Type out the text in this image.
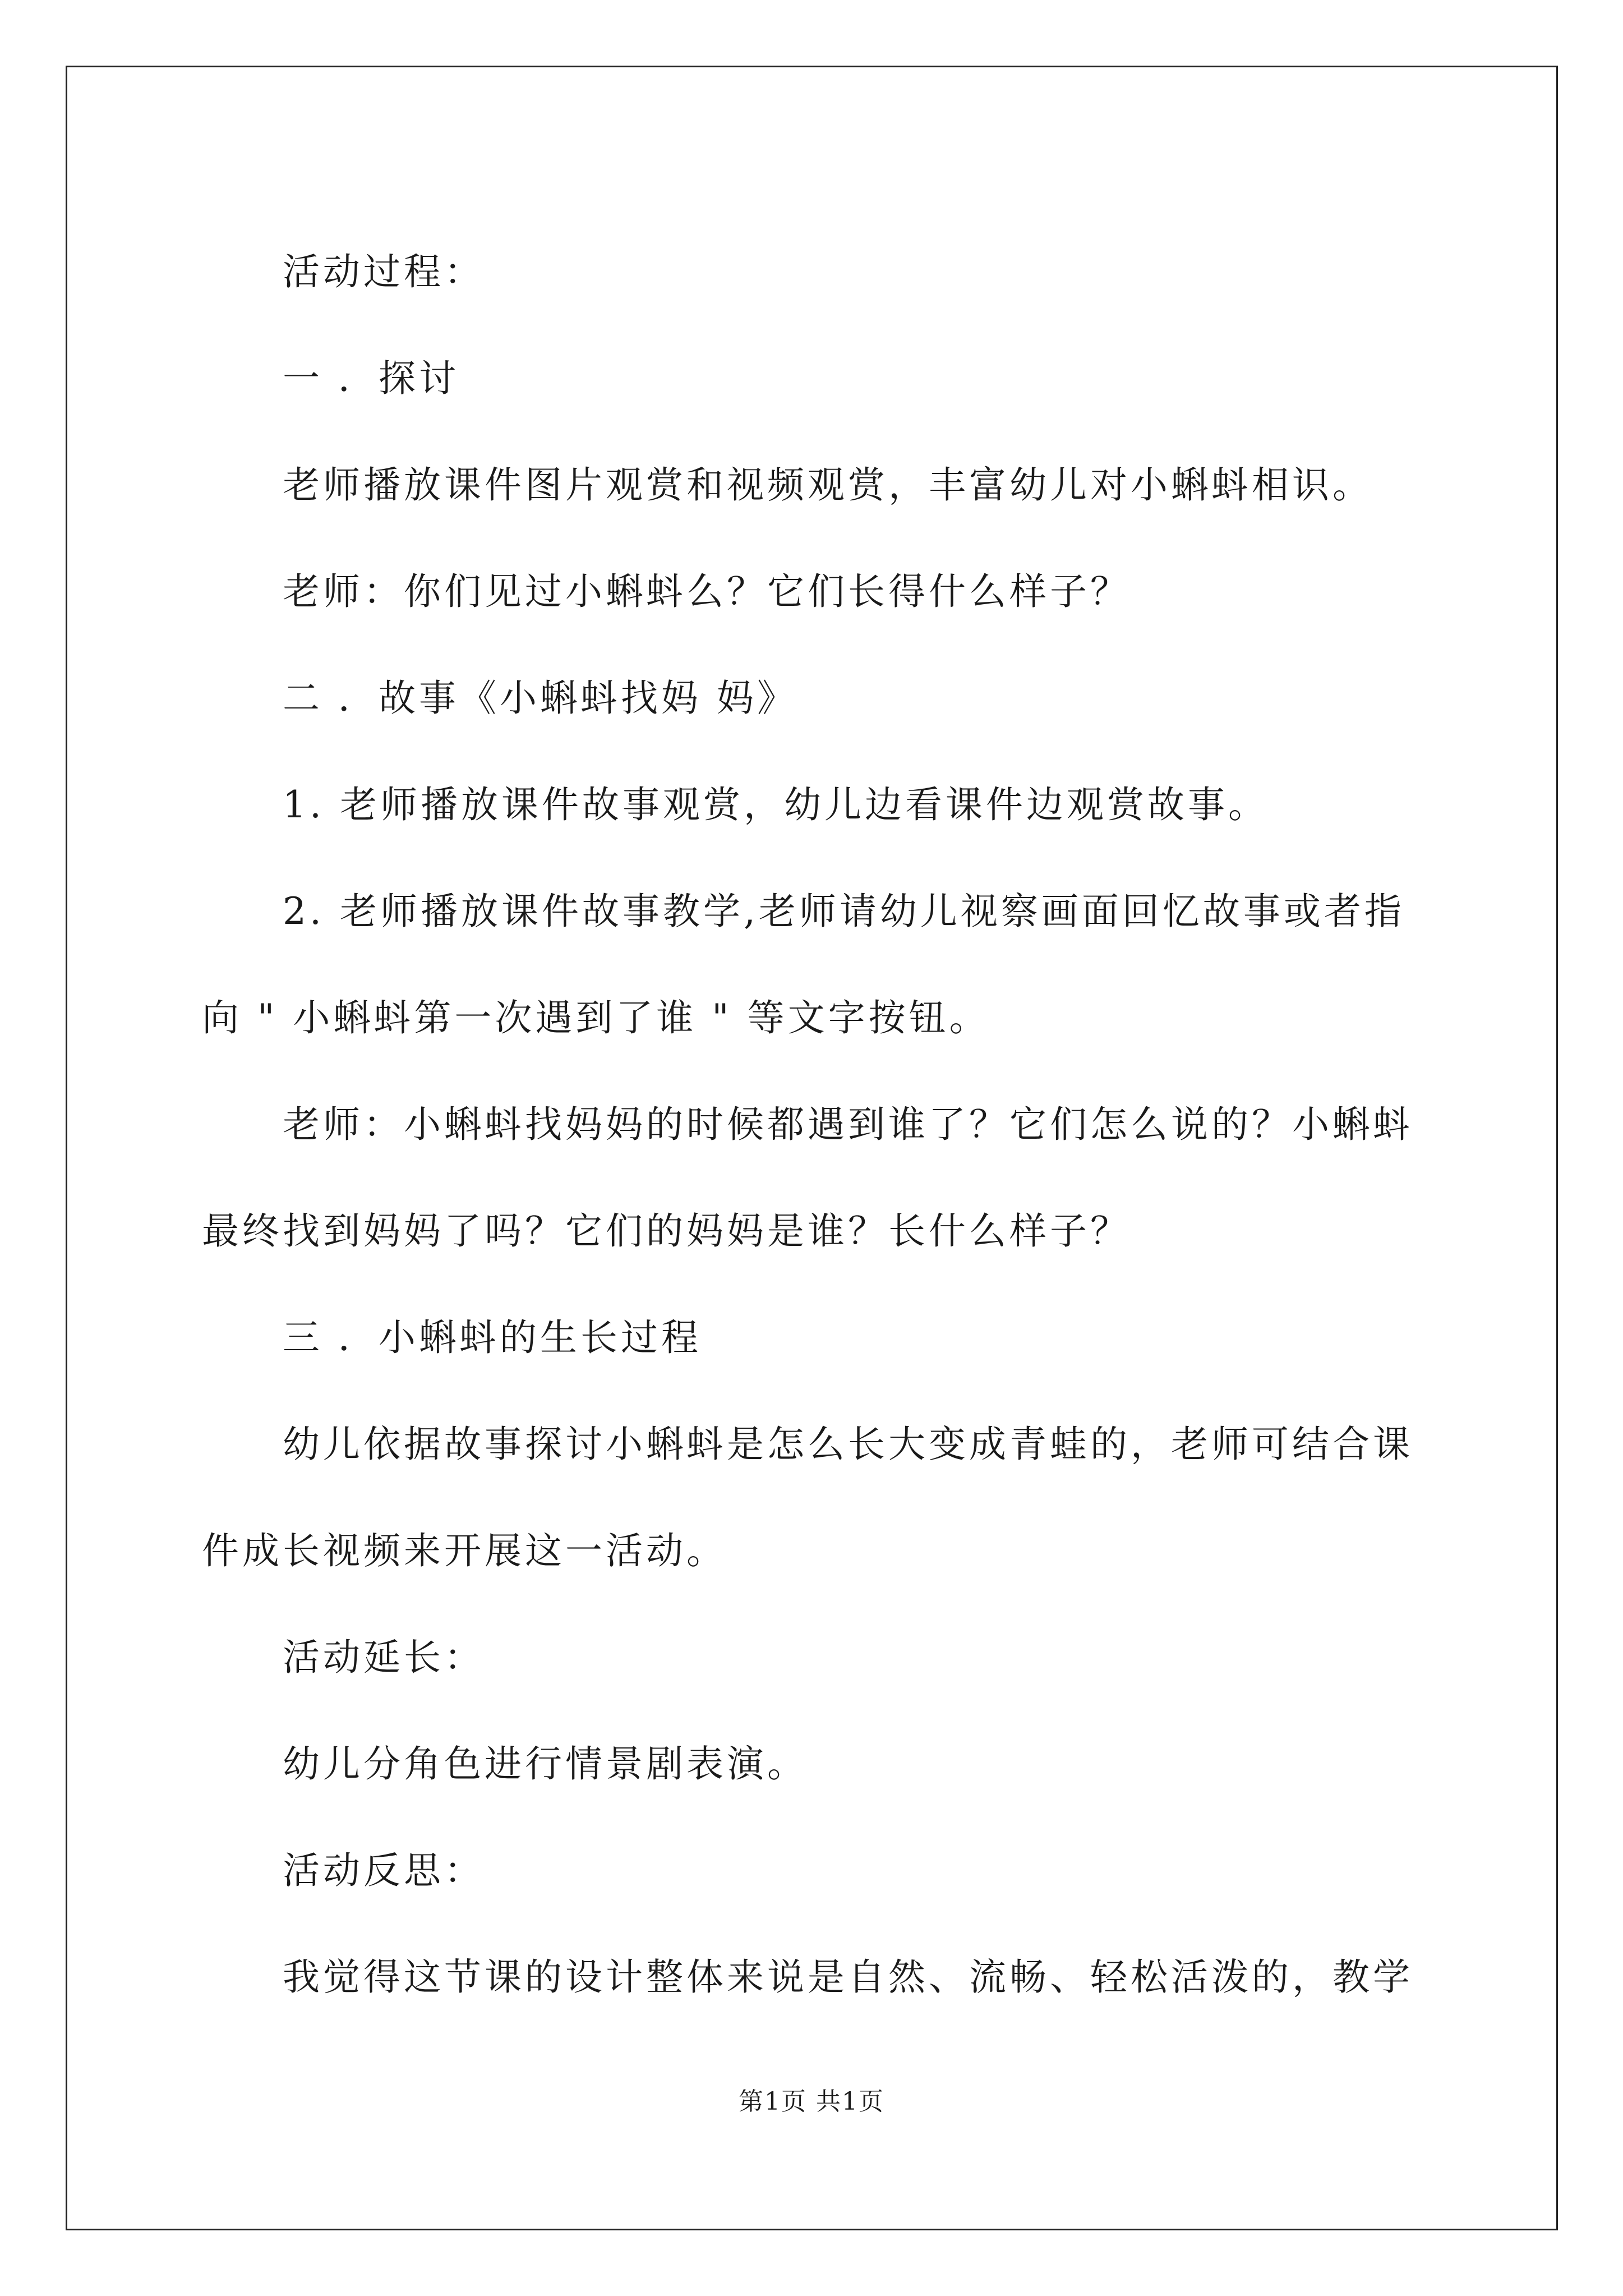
活动过程：

一 ．探讨

老师播放课件图片观赏和视频观赏，丰富幼儿对小蝌蚪相识。

老师：你们见过小蝌蚪么？它们长得什么样子？

二 ．故事《小蝌蚪找妈 妈》

1. 老师播放课件故事观赏，幼儿边看课件边观赏故事。

2. 老师播放课件故事教学,老师请幼儿视察画面回忆故事或者指向 " 小蝌蚪第一次遇到了谁 " 等文字按钮。

老师：小蝌蚪找妈妈的时候都遇到谁了？它们怎么说的？小蝌蚪最终找到妈妈了吗？它们的妈妈是谁？长什么样子？

三 ．小蝌蚪的生长过程

幼儿依据故事探讨小蝌蚪是怎么长大变成青蛙的，老师可结合课件成长视频来开展这一活动。

活动延长：

幼儿分角色进行情景剧表演。

活动反思：

我觉得这节课的设计整体来说是自然、流畅、轻松活泼的，教学

第1页 共1页
